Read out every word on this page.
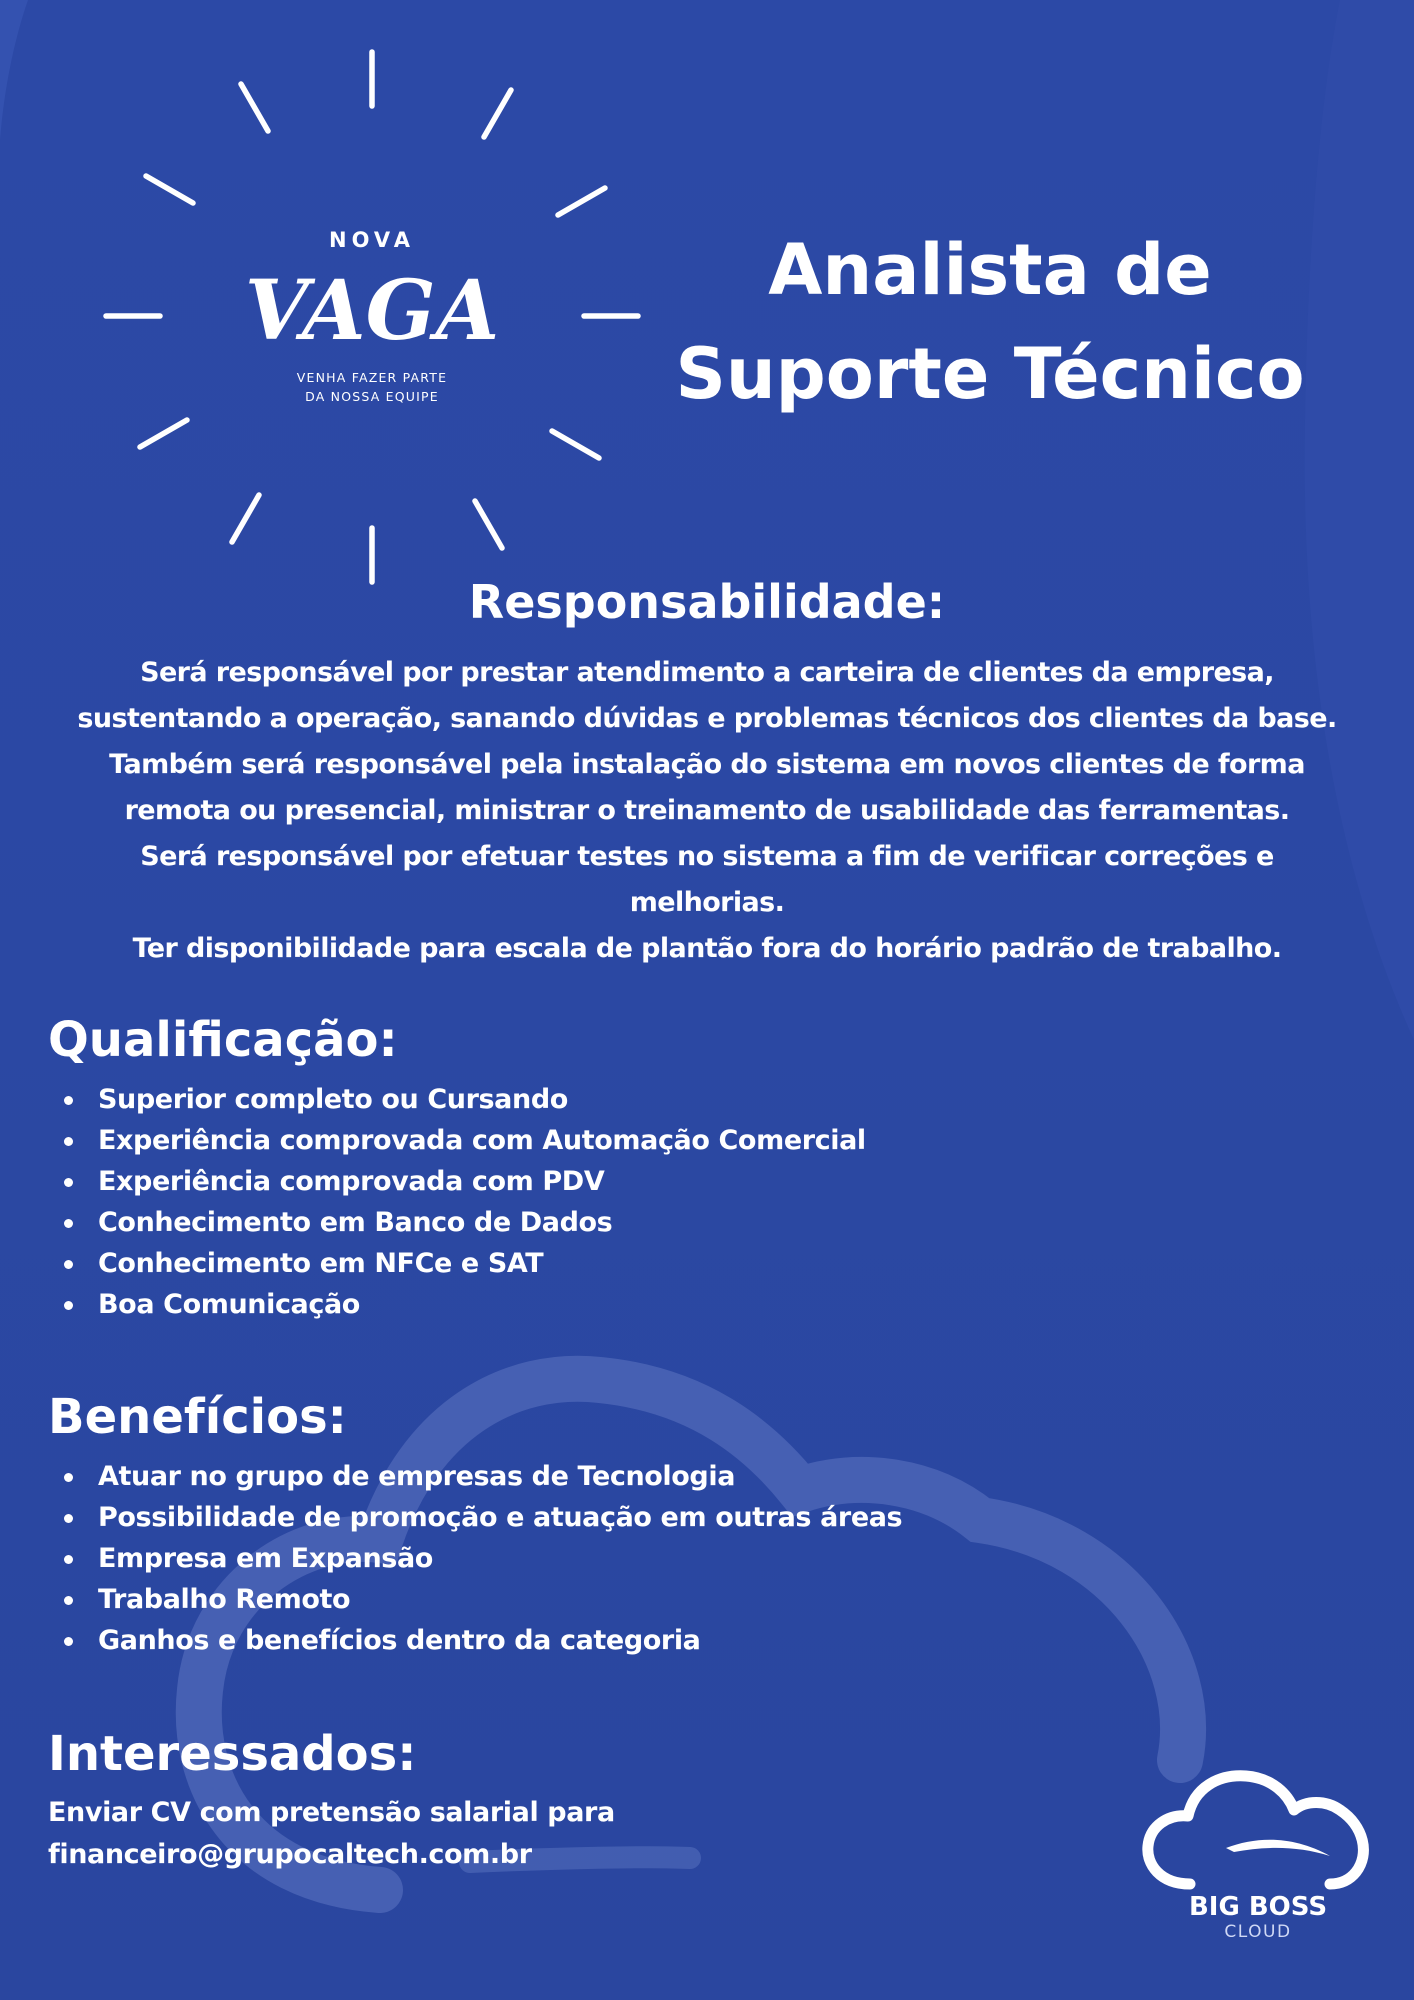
NOVA
VAGA
VENHA FAZER PARTE
DA NOSSA EQUIPE
Analista de
Suporte Técnico
Responsabilidade:

Será responsável por prestar atendimento a carteira de clientes da empresa,
sustentando a operação, sanando dúvidas e problemas técnicos dos clientes da base.
Também será responsável pela instalação do sistema em novos clientes de forma
remota ou presencial, ministrar o treinamento de usabilidade das ferramentas.
Será responsável por efetuar testes no sistema a fim de verificar correções e
melhorias.
Ter disponibilidade para escala de plantão fora do horário padrão de trabalho.

Qualificação:
Superior completo ou Cursando
Experiência comprovada com Automação Comercial
Experiência comprovada com PDV
Conhecimento em Banco de Dados
Conhecimento em NFCe e SAT
Boa Comunicação
Benefícios:
Atuar no grupo de empresas de Tecnologia
Possibilidade de promoção e atuação em outras áreas
Empresa em Expansão
Trabalho Remoto
Ganhos e benefícios dentro da categoria
Interessados:

Enviar CV com pretensão salarial para
financeiro@grupocaltech.com.br

BIG BOSS
CLOUD
